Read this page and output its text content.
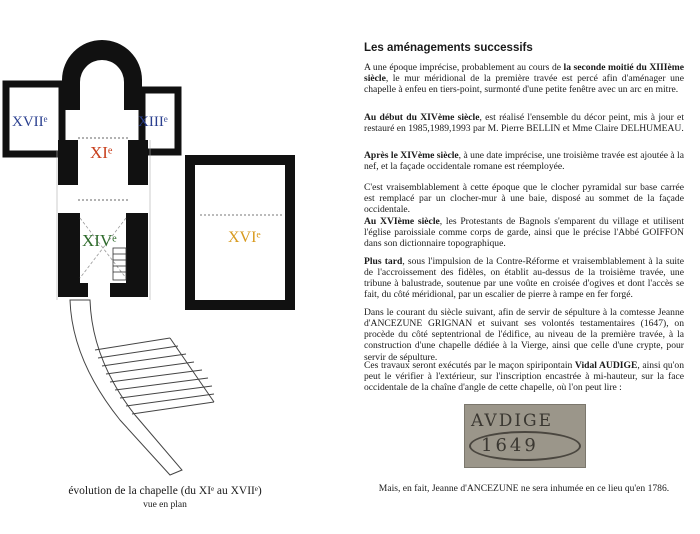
XVIIᵉ	XIIIᵉ
XIᵉ
XIVᵉ	XVIᵉ
évolution de la chapelle (du XIᵉ au XVIIᵉ)
vue en plan
Les aménagements successifs
A une époque imprécise, probablement au cours de la seconde moitié du XIIIème siècle, le mur méridional de la première travée est percé afin d'aménager une chapelle à enfeu en tiers-point, surmonté d'une petite fenêtre avec un arc en mitre.
Au début du XIVème siècle, est réalisé l'ensemble du décor peint, mis à jour et restauré en 1985,1989,1993 par M. Pierre BELLIN et Mme Claire DELHUMEAU.
Après le XIVème siècle, à une date imprécise, une troisième travée est ajoutée à la nef, et la façade occidentale romane est réemployée.
C'est vraisemblablement à cette époque que le clocher pyramidal sur base carrée est remplacé par un clocher-mur à une baie, disposé au sommet de la façade occidentale.
Au XVIème siècle, les Protestants de Bagnols s'emparent du village et utilisent l'église paroissiale comme corps de garde, ainsi que le précise l'Abbé GOIFFON dans son dictionnaire topographique.
Plus tard, sous l'impulsion de la Contre-Réforme et vraisemblablement à la suite de l'accroissement des fidèles, on établit au-dessus de la troisième travée, une tribune à balustrade, soutenue par une voûte en croisée d'ogives et dont l'accès se fait, du côté méridional, par un escalier de pierre à rampe en fer forgé.
Dans le courant du siècle suivant, afin de servir de sépulture à la comtesse Jeanne d'ANCEZUNE GRIGNAN et suivant ses volontés testamentaires (1647), on procède du côté septentrional de l'édifice, au niveau de la première travée, à la construction d'une chapelle dédiée à la Vierge, ainsi que celle d'une crypte, pour servir de sépulture.
Ces travaux seront exécutés par le maçon spiripontain Vidal AUDIGE, ainsi qu'on peut le vérifier à l'extérieur, sur l'inscription encastrée à mi-hauteur, sur la face occidentale de la chaîne d'angle de cette chapelle, où l'on peut lire :
AVDIGE
1649
Mais, en fait, Jeanne d'ANCEZUNE ne sera inhumée en ce lieu qu'en 1786.
